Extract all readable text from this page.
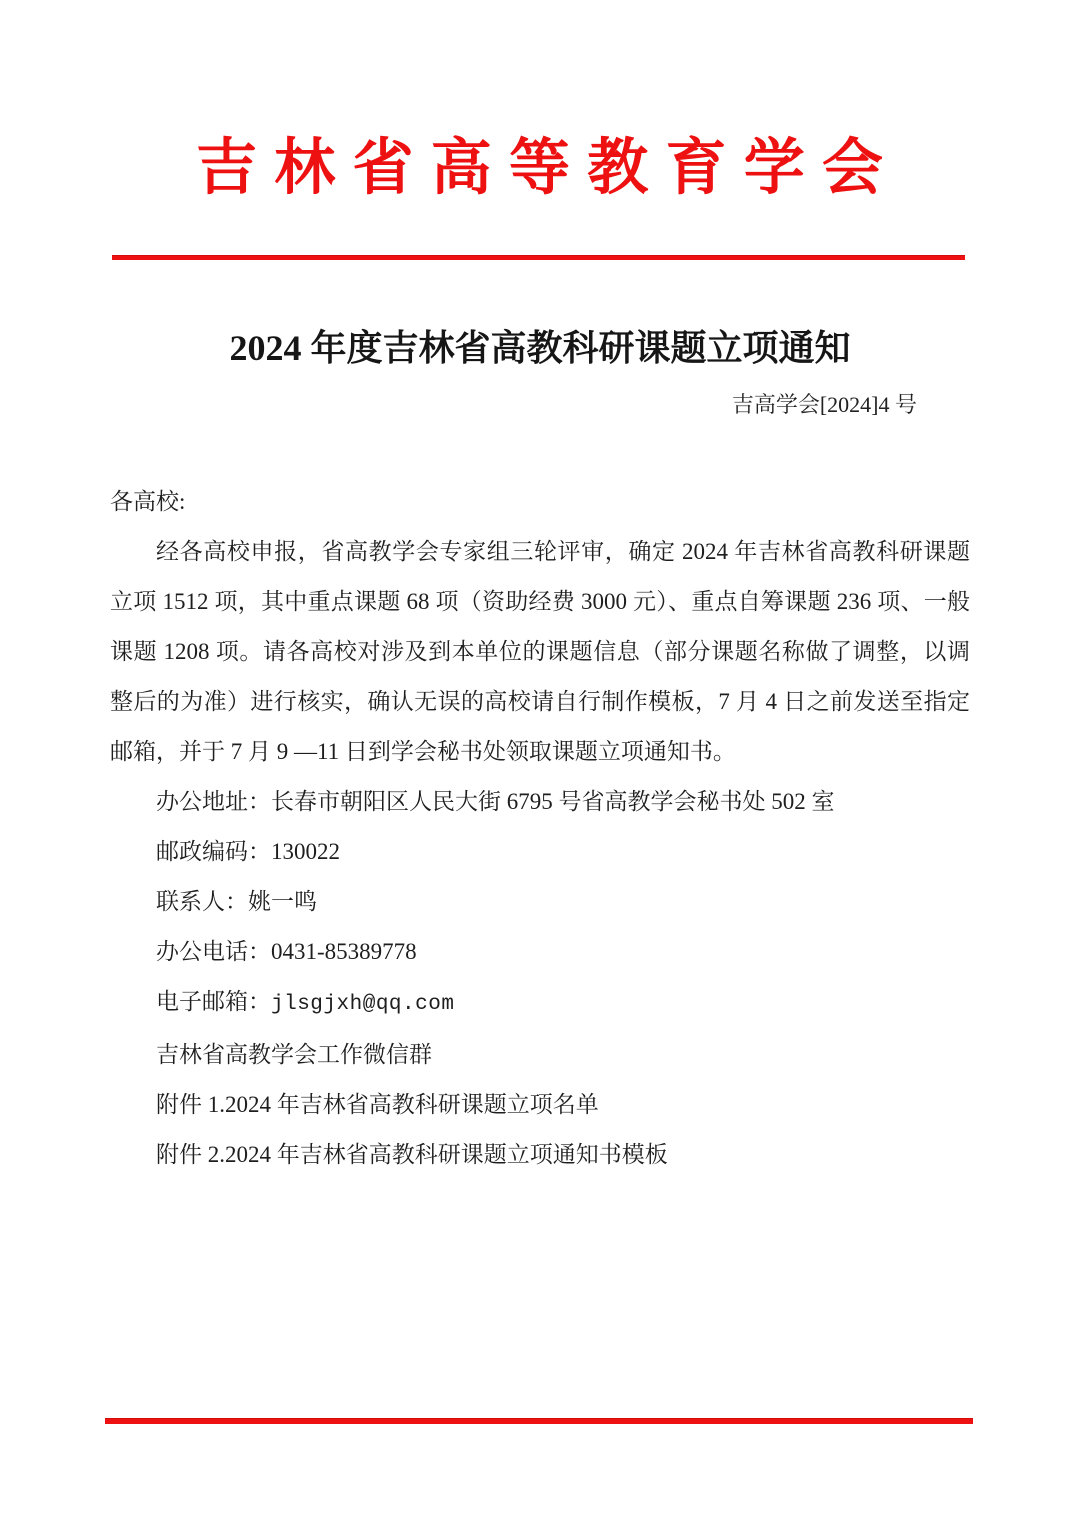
吉 林 省 高 等 教 育 学 会
2024 年度吉林省高教科研课题立项通知
吉高学会[2024]4 号
各高校:

经各高校申报，省高教学会专家组三轮评审，确定 2024 年吉林省高教科研课题立项 1512 项，其中重点课题 68 项（资助经费 3000 元）、重点自筹课题 236 项、一般课题 1208 项。请各高校对涉及到本单位的课题信息（部分课题名称做了调整，以调整后的为准）进行核实，确认无误的高校请自行制作模板，7 月 4 日之前发送至指定邮箱，并于 7 月 9 —11 日到学会秘书处领取课题立项通知书。

办公地址：长春市朝阳区人民大街 6795 号省高教学会秘书处 502 室
邮政编码：130022
联系人：姚一鸣
办公电话：0431-85389778
电子邮箱：jlsgjxh@qq.com
吉林省高教学会工作微信群
附件 1.2024 年吉林省高教科研课题立项名单
附件 2.2024 年吉林省高教科研课题立项通知书模板
